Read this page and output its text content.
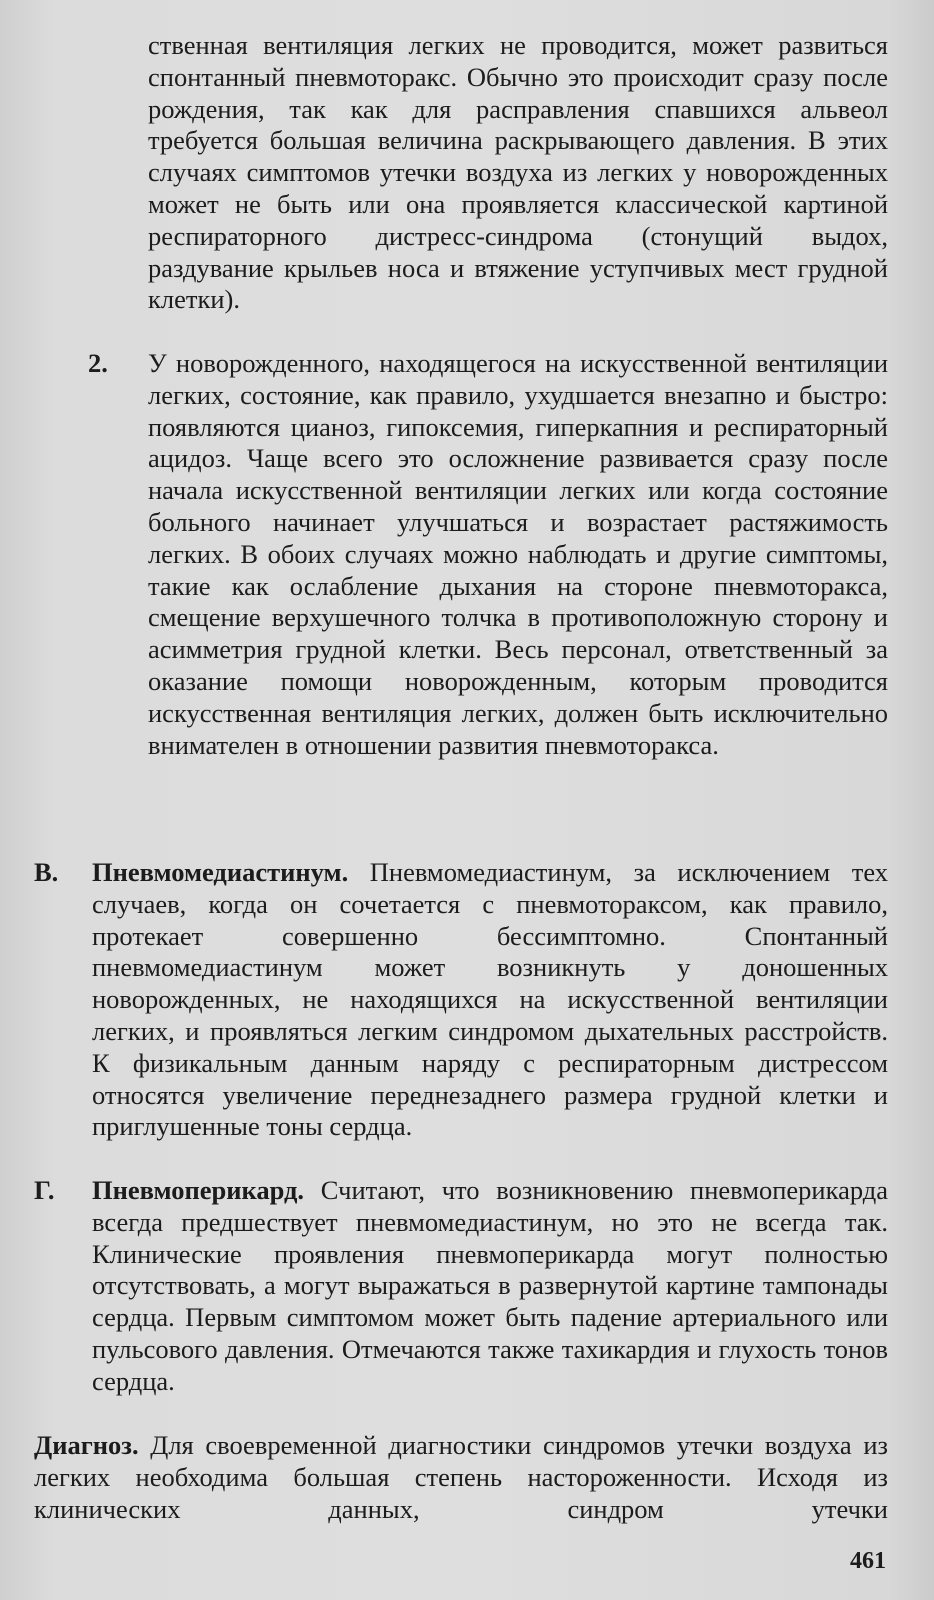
ственная вентиляция легких не проводится, может развиться спонтанный пневмоторакс. Обычно это происходит сразу после рождения, так как для расправления спавшихся альвеол требуется большая величина раскрывающего давления. В этих случаях симптомов утечки воздуха из легких у новорожденных может не быть или она проявляется классической картиной респираторного дистресс-синдрома (стонущий выдох, раздувание крыльев носа и втяжение уступчивых мест грудной клетки).

2. У новорожденного, находящегося на искусственной вентиляции легких, состояние, как правило, ухудшается внезапно и быстро: появляются цианоз, гипоксемия, гиперкапния и респираторный ацидоз. Чаще всего это осложнение развивается сразу после начала искусственной вентиляции легких или когда состояние больного начинает улучшаться и возрастает растяжимость легких. В обоих случаях можно наблюдать и другие симптомы, такие как ослабление дыхания на стороне пневмоторакса, смещение верхушечного толчка в противоположную сторону и асимметрия грудной клетки. Весь персонал, ответственный за оказание помощи новорожденным, которым проводится искусственная вентиляция легких, должен быть исключительно внимателен в отношении развития пневмоторакса.

В. Пневмомедиастинум. Пневмомедиастинум, за исключением тех случаев, когда он сочетается с пневмотораксом, как правило, протекает совершенно бессимптомно. Спонтанный пневмомедиастинум может возникнуть у доношенных новорожденных, не находящихся на искусственной вентиляции легких, и проявляться легким синдромом дыхательных расстройств. К физикальным данным наряду с респираторным дистрессом относятся увеличение переднезаднего размера грудной клетки и приглушенные тоны сердца.

Г. Пневмоперикард. Считают, что возникновению пневмоперикарда всегда предшествует пневмомедиастинум, но это не всегда так. Клинические проявления пневмоперикарда могут полностью отсутствовать, а могут выражаться в развернутой картине тампонады сердца. Первым симптомом может быть падение артериального или пульсового давления. Отмечаются также тахикардия и глухость тонов сердца.

Диагноз. Для своевременной диагностики синдромов утечки воздуха из легких необходима большая степень настороженности. Исходя из клинических данных, синдром утечки

461
